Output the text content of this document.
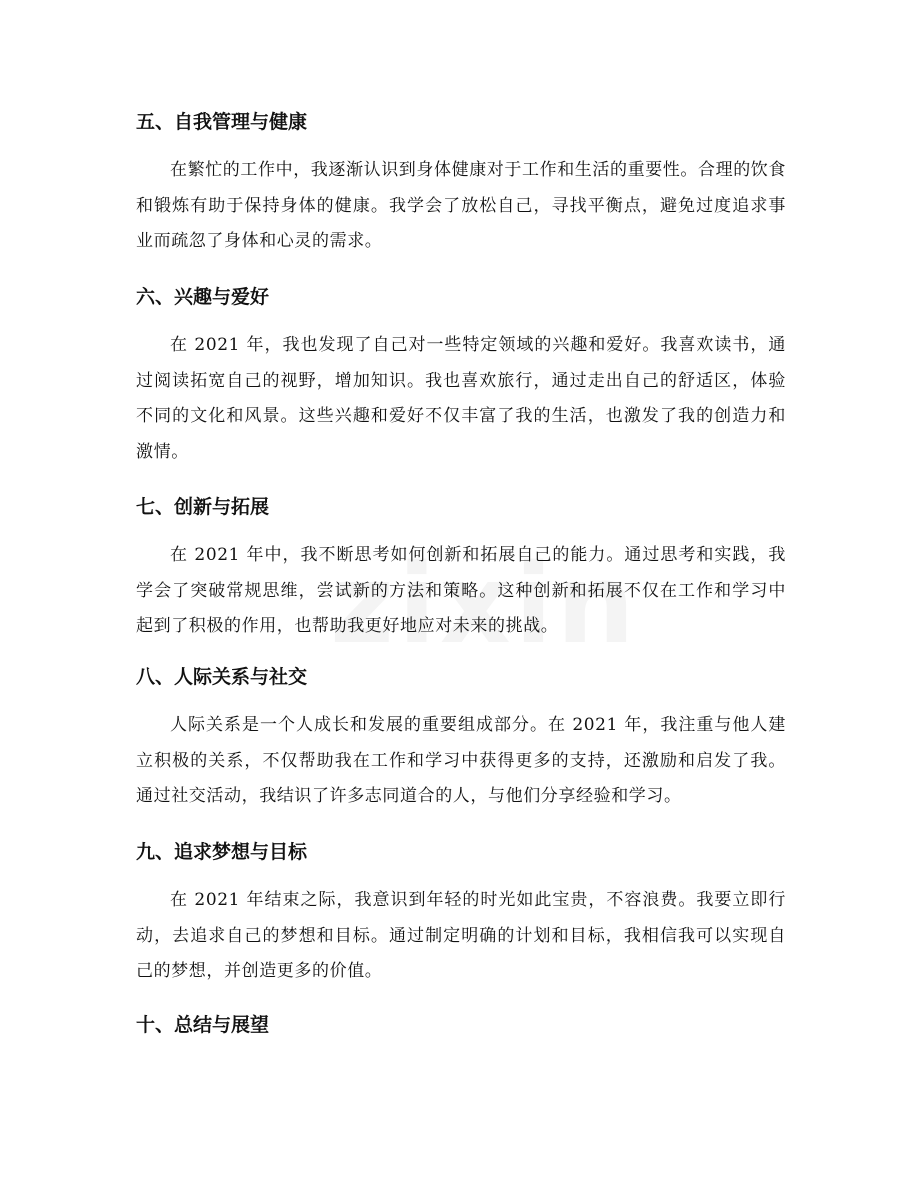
五、自我管理与健康

在繁忙的工作中，我逐渐认识到身体健康对于工作和生活的重要性。合理的饮食和锻炼有助于保持身体的健康。我学会了放松自己，寻找平衡点，避免过度追求事业而疏忽了身体和心灵的需求。

六、兴趣与爱好

在 2021 年，我也发现了自己对一些特定领域的兴趣和爱好。我喜欢读书，通过阅读拓宽自己的视野，增加知识。我也喜欢旅行，通过走出自己的舒适区，体验不同的文化和风景。这些兴趣和爱好不仅丰富了我的生活，也激发了我的创造力和激情。

七、创新与拓展

在 2021 年中，我不断思考如何创新和拓展自己的能力。通过思考和实践，我学会了突破常规思维，尝试新的方法和策略。这种创新和拓展不仅在工作和学习中起到了积极的作用，也帮助我更好地应对未来的挑战。

八、人际关系与社交

人际关系是一个人成长和发展的重要组成部分。在 2021 年，我注重与他人建立积极的关系，不仅帮助我在工作和学习中获得更多的支持，还激励和启发了我。通过社交活动，我结识了许多志同道合的人，与他们分享经验和学习。

九、追求梦想与目标

在 2021 年结束之际，我意识到年轻的时光如此宝贵，不容浪费。我要立即行动，去追求自己的梦想和目标。通过制定明确的计划和目标，我相信我可以实现自己的梦想，并创造更多的价值。

十、总结与展望
